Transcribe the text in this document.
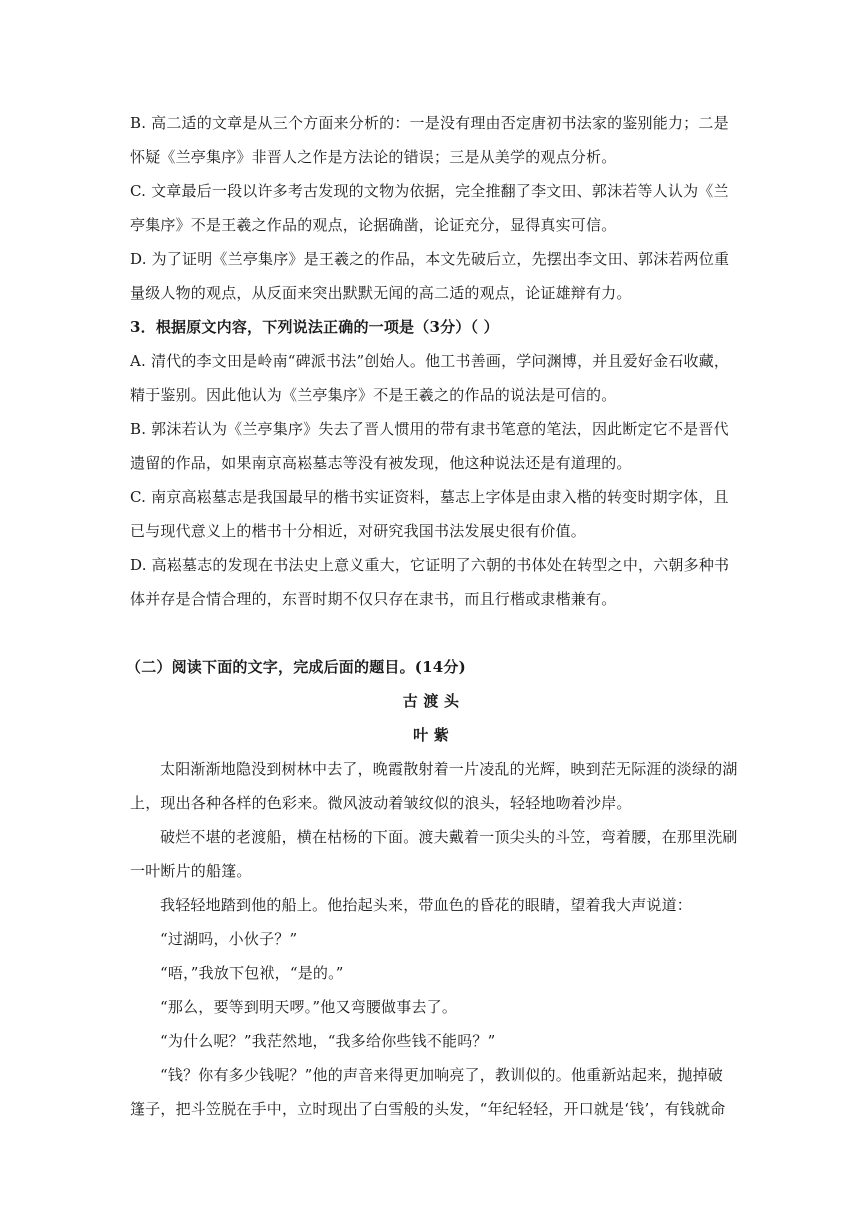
B. 高二适的文章是从三个方面来分析的：一是没有理由否定唐初书法家的鉴别能力；二是
怀疑《兰亭集序》非晋人之作是方法论的错误；三是从美学的观点分析。
C. 文章最后一段以许多考古发现的文物为依据，完全推翻了李文田、郭沫若等人认为《兰
亭集序》不是王羲之作品的观点，论据确凿，论证充分，显得真实可信。
D. 为了证明《兰亭集序》是王羲之的作品，本文先破后立，先摆出李文田、郭沫若两位重
量级人物的观点，从反面来突出默默无闻的高二适的观点，论证雄辩有力。
3．根据原文内容，下列说法正确的一项是（3分）（ ）
A. 清代的李文田是岭南“碑派书法”创始人。他工书善画，学问渊博，并且爱好金石收藏，
精于鉴别。因此他认为《兰亭集序》不是王羲之的作品的说法是可信的。
B. 郭沫若认为《兰亭集序》失去了晋人惯用的带有隶书笔意的笔法，因此断定它不是晋代
遗留的作品，如果南京高崧墓志等没有被发现，他这种说法还是有道理的。
C. 南京高崧墓志是我国最早的楷书实证资料，墓志上字体是由隶入楷的转变时期字体，且
已与现代意义上的楷书十分相近，对研究我国书法发展史很有价值。
D. 高崧墓志的发现在书法史上意义重大，它证明了六朝的书体处在转型之中，六朝多种书
体并存是合情合理的，东晋时期不仅只存在隶书，而且行楷或隶楷兼有。
（二）阅读下面的文字，完成后面的题目。(14分)
古 渡 头
叶 紫
太阳渐渐地隐没到树林中去了，晚霞散射着一片凌乱的光辉，映到茫无际涯的淡绿的湖
上，现出各种各样的色彩来。微风波动着皱纹似的浪头，轻轻地吻着沙岸。
破烂不堪的老渡船，横在枯杨的下面。渡夫戴着一顶尖头的斗笠，弯着腰，在那里洗刷
一叶断片的船篷。
我轻轻地踏到他的船上。他抬起头来，带血色的昏花的眼睛，望着我大声说道：
“过湖吗，小伙子？”
“唔，”我放下包袱，“是的。”
“那么，要等到明天啰。”他又弯腰做事去了。
“为什么呢？”我茫然地，“我多给你些钱不能吗？”
“钱？你有多少钱呢？”他的声音来得更加响亮了，教训似的。他重新站起来，抛掉破
篷子，把斗笠脱在手中，立时现出了白雪般的头发，“年纪轻轻，开口就是‘钱’，有钱就命
